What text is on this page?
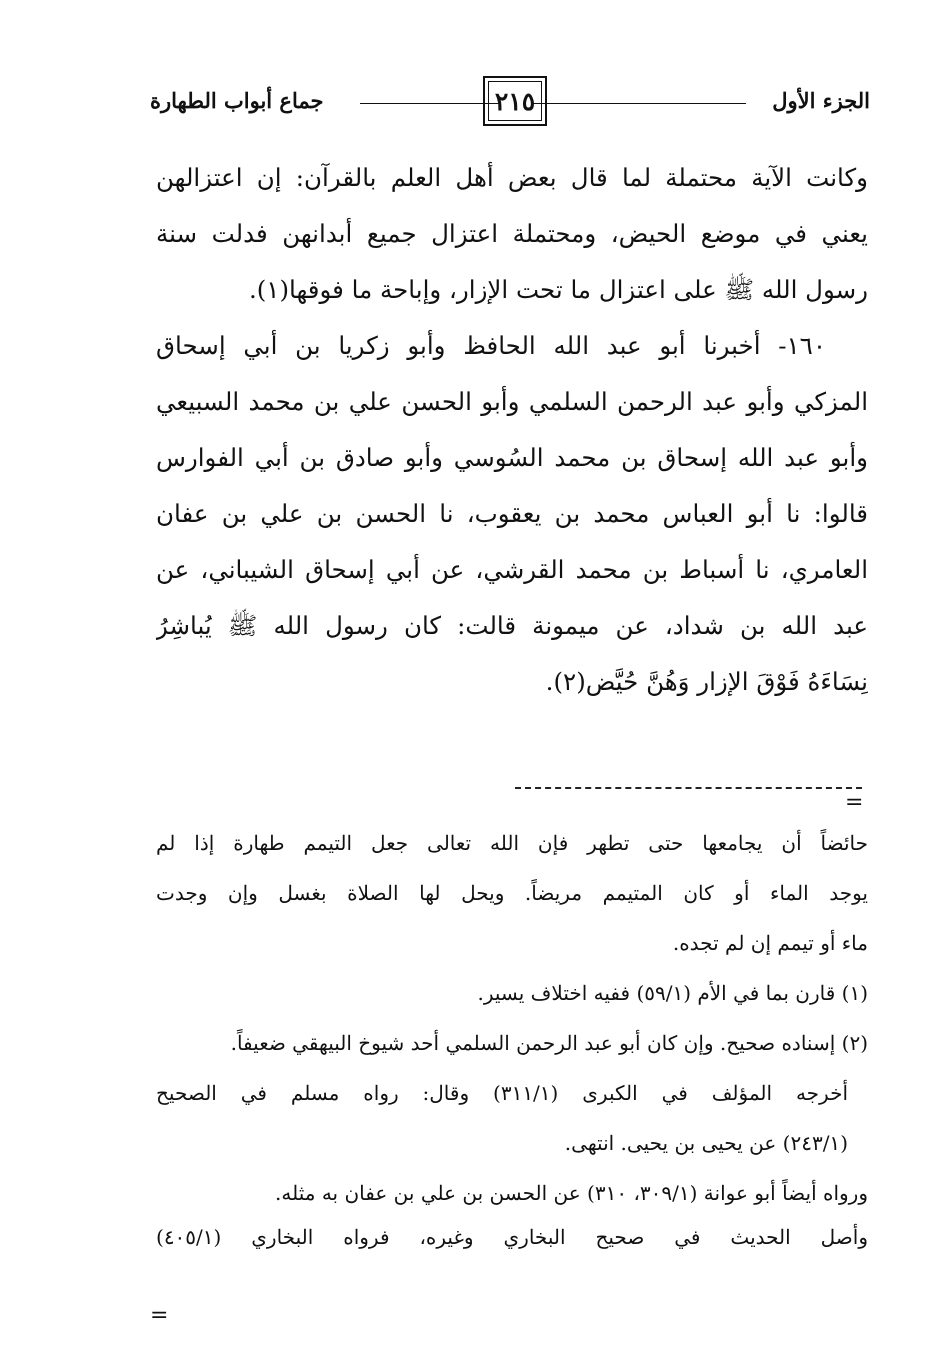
الجزء الأول
٢١٥
جماع أبواب الطهارة
وكانت الآية محتملة لما قال بعض أهل العلم بالقرآن: إن اعتزالهن
يعني في موضع الحيض، ومحتملة اعتزال جميع أبدانهن فدلت سنة
رسول الله ﷺ على اعتزال ما تحت الإزار، وإباحة ما فوقها(١).
١٦٠- أخبرنا أبو عبد الله الحافظ وأبو زكريا بن أبي إسحاق
المزكي وأبو عبد الرحمن السلمي وأبو الحسن علي بن محمد السبيعي
وأبو عبد الله إسحاق بن محمد السُوسي وأبو صادق بن أبي الفوارس
قالوا: نا أبو العباس محمد بن يعقوب، نا الحسن بن علي بن عفان
العامري، نا أسباط بن محمد القرشي، عن أبي إسحاق الشيباني، عن
عبد الله بن شداد، عن ميمونة قالت: كان رسول الله ﷺ يُباشِرُ
نِسَاءَهُ فَوْقَ الإزار وَهُنَّ حُيَّض(٢).
=
حائضاً أن يجامعها حتى تطهر فإن الله تعالى جعل التيمم طهارة إذا لم
يوجد الماء أو كان المتيمم مريضاً. ويحل لها الصلاة بغسل وإن وجدت
ماء أو تيمم إن لم تجده.
(١) قارن بما في الأم (٥٩/١) ففيه اختلاف يسير.
(٢) إسناده صحيح. وإن كان أبو عبد الرحمن السلمي أحد شيوخ البيهقي ضعيفاً.
أخرجه المؤلف في الكبرى (٣١١/١) وقال: رواه مسلم في الصحيح
(٢٤٣/١) عن يحيى بن يحيى. انتهى.
ورواه أيضاً أبو عوانة (٣٠٩/١، ٣١٠) عن الحسن بن علي بن عفان به مثله.
وأصل الحديث في صحيح البخاري وغيره، فرواه البخاري (٤٠٥/١)
=
